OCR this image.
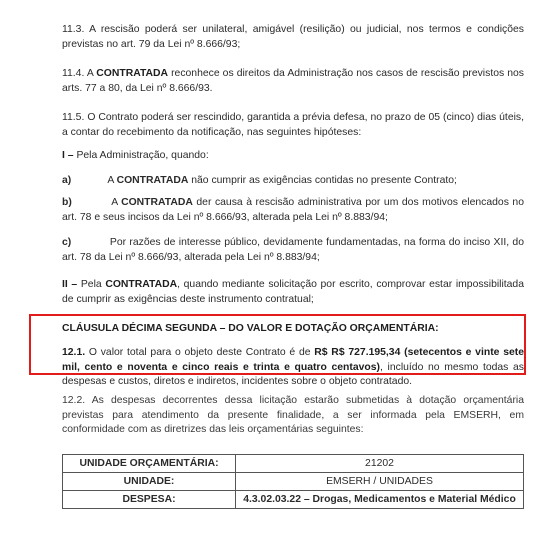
11.3. A rescisão poderá ser unilateral, amigável (resilição) ou judicial, nos termos e condições previstas no art. 79 da Lei nº 8.666/93;

11.4. A CONTRATADA reconhece os direitos da Administração nos casos de rescisão previstos nos arts. 77 a 80, da Lei nº 8.666/93.

11.5. O Contrato poderá ser rescindido, garantida a prévia defesa, no prazo de 05 (cinco) dias úteis, a contar do recebimento da notificação, nas seguintes hipóteses:

I – Pela Administração, quando:

a)	A CONTRATADA não cumprir as exigências contidas no presente Contrato;

b)	A CONTRATADA der causa à rescisão administrativa por um dos motivos elencados no art. 78 e seus incisos da Lei nº 8.666/93, alterada pela Lei nº 8.883/94;

c)	Por razões de interesse público, devidamente fundamentadas, na forma do inciso XII, do art. 78 da Lei nº 8.666/93, alterada pela Lei nº 8.883/94;

II – Pela CONTRATADA, quando mediante solicitação por escrito, comprovar estar impossibilitada de cumprir as exigências deste instrumento contratual;

CLÁUSULA DÉCIMA SEGUNDA – DO VALOR E DOTAÇÃO ORÇAMENTÁRIA:

12.1. O valor total para o objeto deste Contrato é de R$ R$ 727.195,34 (setecentos e vinte sete mil, cento e noventa e cinco reais e trinta e quatro centavos), incluído no mesmo todas as despesas e custos, diretos e indiretos, incidentes sobre o objeto contratado.

12.2. As despesas decorrentes dessa licitação estarão submetidas à dotação orçamentária previstas para atendimento da presente finalidade, a ser informada pela EMSERH, em conformidade com as diretrizes das leis orçamentárias seguintes:

UNIDADE ORÇAMENTÁRIA:	21202
UNIDADE:	EMSERH / UNIDADES
DESPESA:	4.3.02.03.22 – Drogas, Medicamentos e Material Médico
